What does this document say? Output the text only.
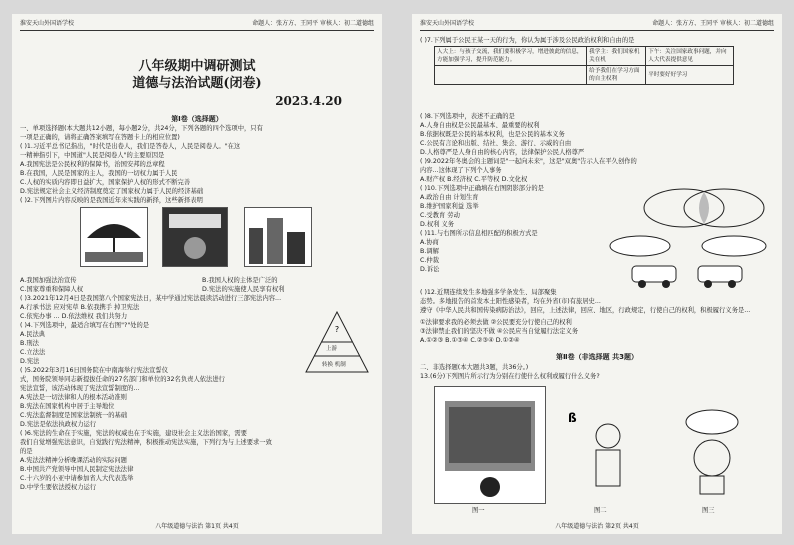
淮安天山外国语学校	命题人：张方方、王同平 审核人：初二道德组
八年级期中调研测试
道德与法治试题(闭卷)
2023.4.20
第Ⅰ卷（选择题）
一、单项选择题(本大题共12小题，每小题2分，共24分，下列各题的四个选项中，只有
一项是正确的，请将正确答案填写在答题卡上的相应位置)
( )1.习近平总书记指出，"时代是出卷人，我们是答卷人，人民是阅卷人。"在这
一精神指引下，中国道"人民是阅卷人"的主要原因是
A.我国宪法是公民权利的保障书，治国安邦的总章程
B.在我国，人民是国家的主人，我国的一切权力属于人民
C.人权的实质内容即日益扩大，国家保护人权的形式不断完善
D.宪法规定社会主义经济制度奠定了国家权力属于人民的经济基础
( )2.下列图片内容反映的是我国近年来实践的新择，这些新择表明
A.我国加强法治宣传	B.我国人权的主体是广泛的
C.国家尊重和保障人权	D.宪法的实施使人民享有权利
( )3.2021年12月4日是我国第八个国家宪法日，某中学通过宪法晨读活动进行三部宪法内容...
A.行承书法 应对宪草 B.依我携手 掉卫宪法
C.依宪办事 ... D.依法维权 我们共努力
( )4.下列选项中，最适合填写在右图"?"处的是
A.民法典
B.刑法
C.立法法
D.宪法
?
上游
转换 机制
( )5.2022年3月16日国务院在中南海举行宪法宣誓仪
式，国务院领导同志新提拔任命的27名部门和单位的32名负责人依法进行
宪法宣誓，该活动体现了宪法宣誓制度的...
A.宪法是一切法律和人的根本活动准则
B.宪法在国家机构中居于主导地位
C.宪法监督制度是国家法制统一的基础
D.宪法是依法执政权力运行
( )6.宪法的生命在于实施，宪法的权威也在于实施，建设社会主义法治国家，需要
我们自觉增强宪法意识，自觉践行宪法精神，积极推动宪法实施，下列行为与上述要求一致
的是
A.宪法法精神分析晚课活动的实际问题
B.中国共产党领导中国人民制定宪法法律
C.十六岁的小亚中请参加省人大代表选举
D.中学生要依法授权力运行
八年级道德与法治 第1页 共4页
淮安天山外国语学校	命题人：张方方、王同平 审核人：初二道德组
( )7.下列属于公民王某一天的行为，你认为属于涉及公民政治权利和自由的是
人大上：与孩子交流，我们要积极学习，增进彼此的信息，方能加强学习，提升防范能力。	我学主：我们国家机关在机	下午：关注国家政事问题，并向人大代表提供意见
	给予我们在学习方面的自主权利	平时要好好学习
( )8.下列选项中，表述不正确的是
A.人身自由权是公民最基本、最重要的权利
B.依据权既是公民的基本权利，也是公民的基本义务
C.公民有言论和出版、结社、集会、游行、示威的自由
D.人格尊严是人身自由的核心内容，法律保护公民人格尊严
( )9.2022年冬奥会的主题词是"一起向未来"，这是"双奥"告示人在平久创作的
内容...这体现了下列个人事务
A.财产权 B.经济权 C.平等权 D.文化权
( )10.下列选项中正确填在右图阴影部分的是
A.政治自由 计划生育
B.维护国家利益 选举
C.受教育 劳动
D.权利 义务
( )11.与右图所示信息相匹配的积极方式是
A.协商
B.调解
C.仲裁
D.诉讼
( )12.近期连续发生多地强多学条发生、局部聚集
态势。多地报告的首发本土阳性感染者，均在外省(市)有旅居史...
遵守《中华人民共和国传染病防治法》，回应，上述法律，回应、地区，行政规定，行使自己的权利，积极履行义务是...
①法律要求我的必须去做 ②公民要充分行使自己的权利
③法律禁止我们的坚决不做 ④公民应当自觉履行法定义务
A.①②③ B.①③④ C.②③④ D.①②④
第Ⅱ卷（非选择题 共3题）
二、非选择题(本大题共3题，共36分。)
13.(6分)下列图片所示行为分别在行使什么权利或履行什么义务?
ß
图一	图二	图三
八年级道德与法治 第2页 共4页
